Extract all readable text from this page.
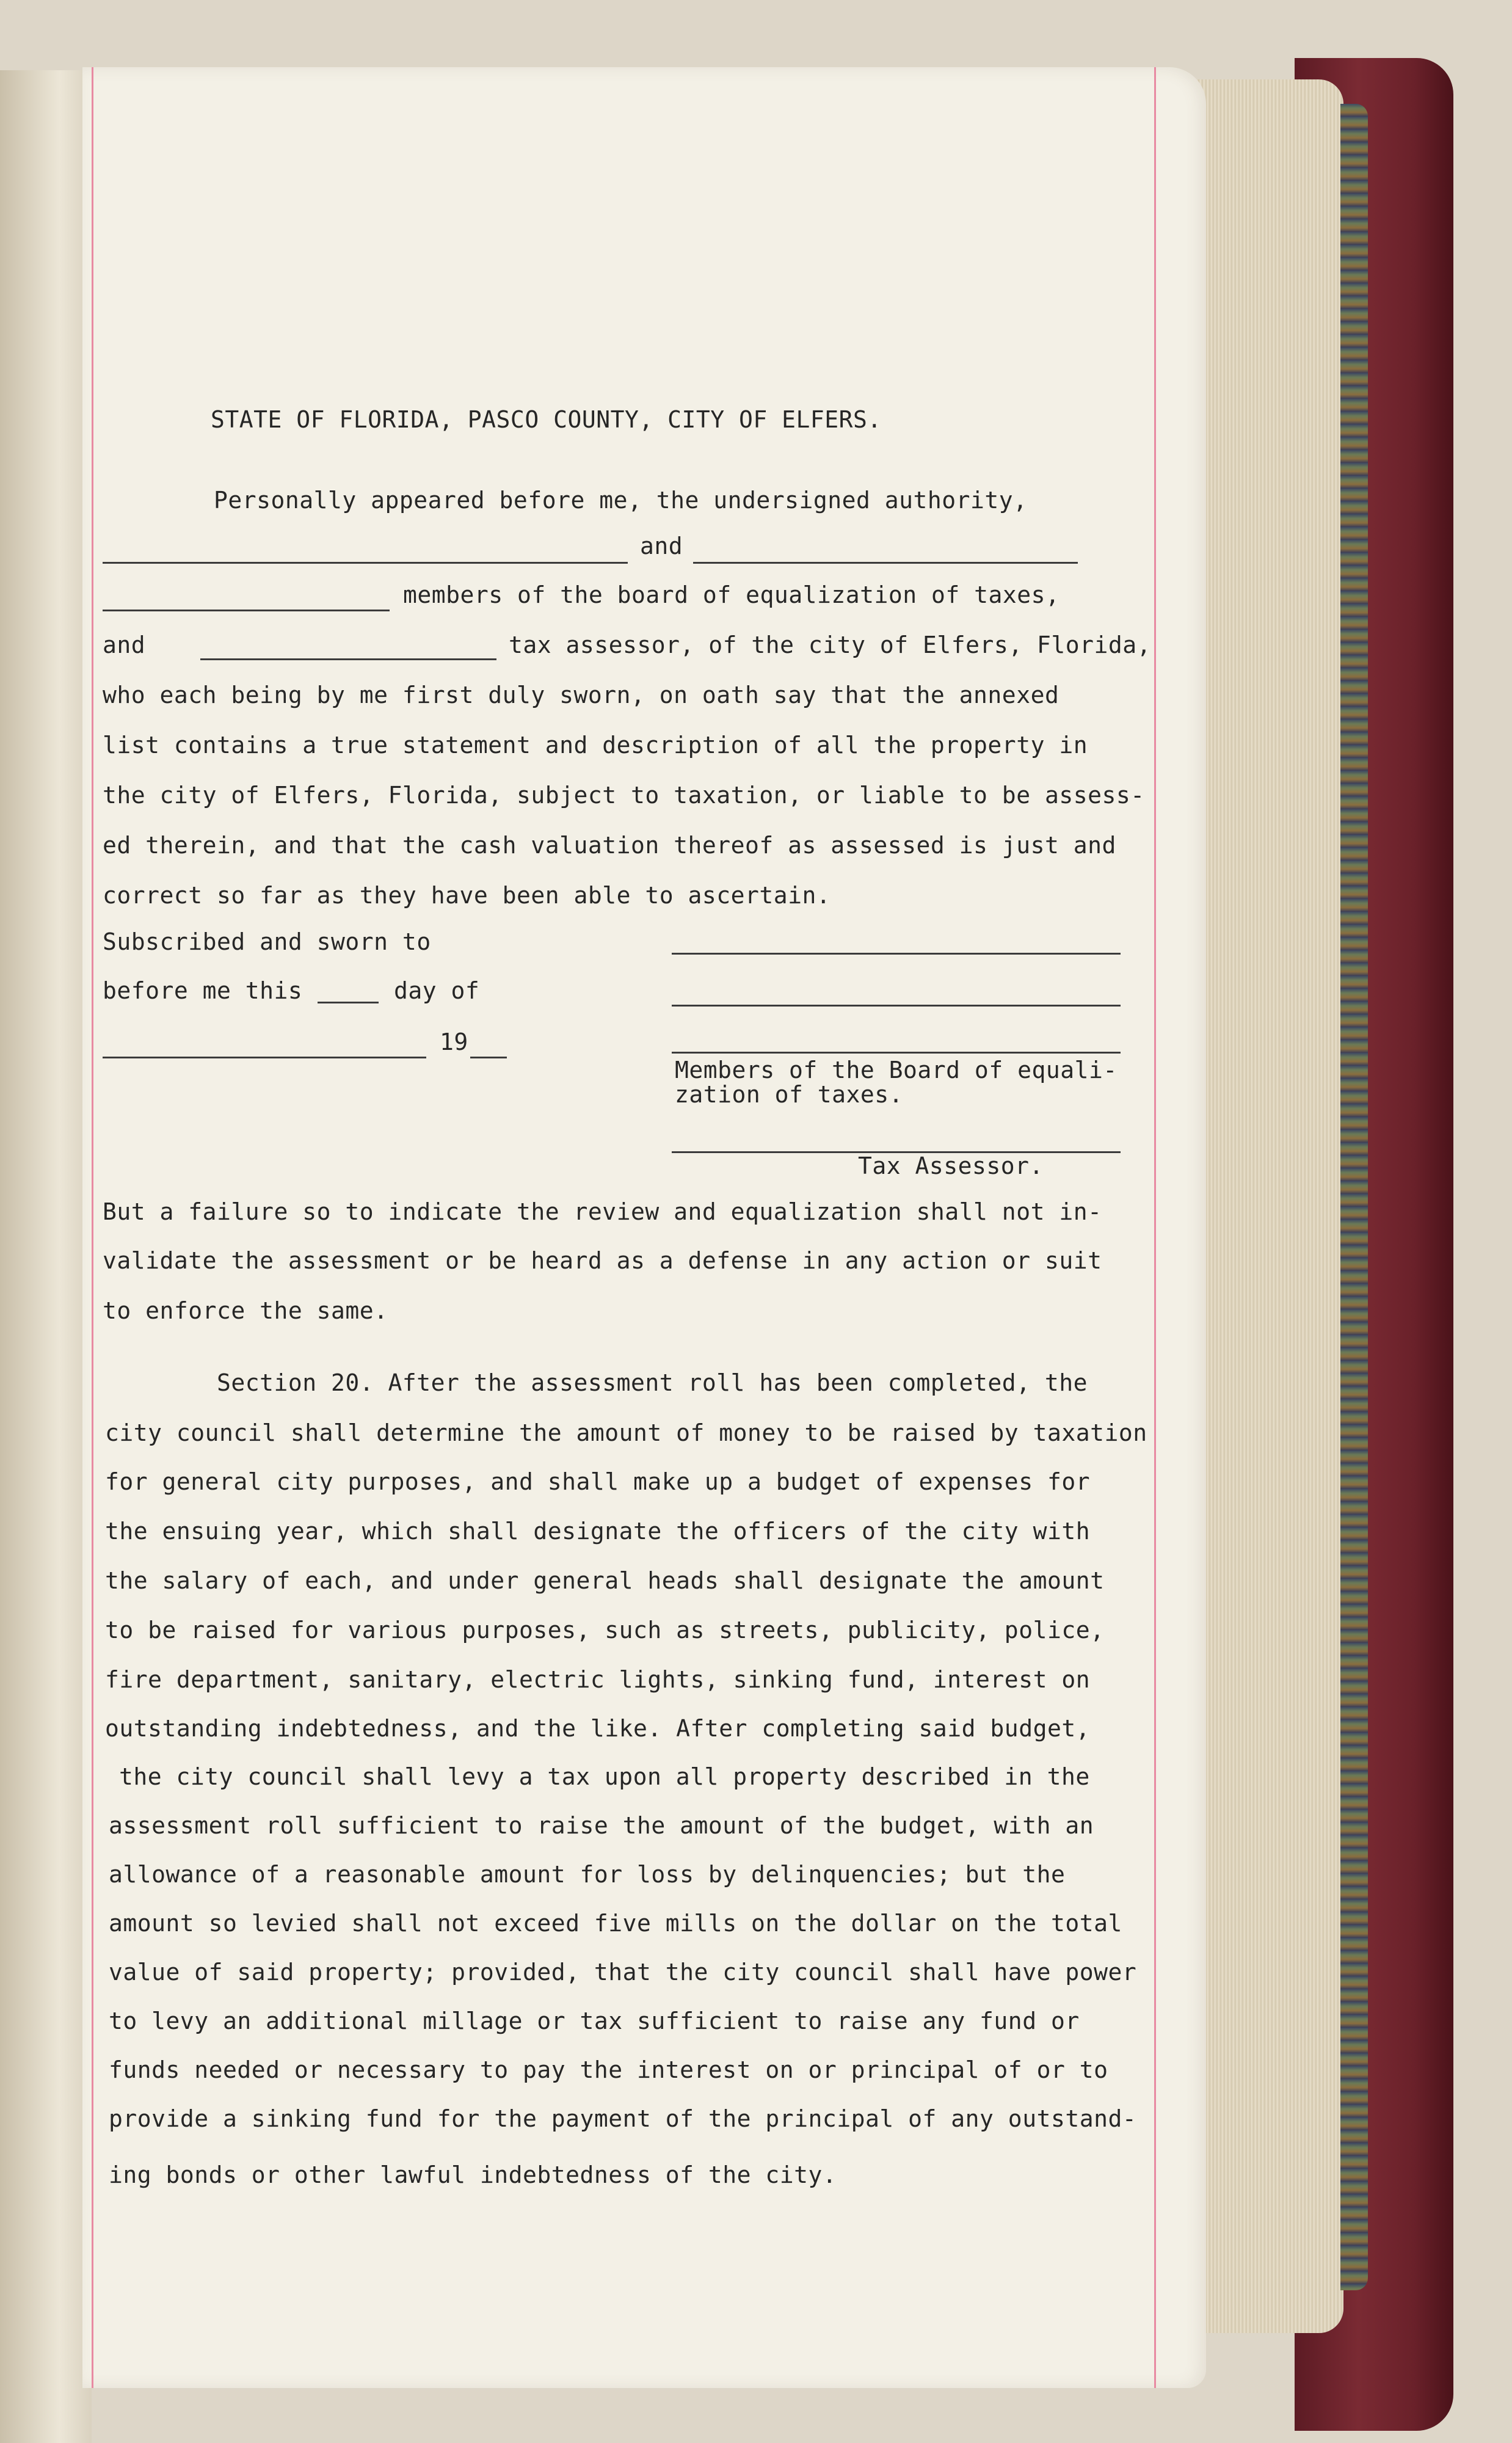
STATE OF FLORIDA, PASCO COUNTY, CITY OF ELFERS.
Personally appeared before me, the undersigned authority,
and
members of the board of equalization of taxes,
and	tax assessor, of the city of Elfers, Florida,
who each being by me first duly sworn, on oath say that the annexed
list contains a true statement and description of all the property in
the city of Elfers, Florida, subject to taxation, or liable to be assess-
ed therein, and that the cash valuation thereof as assessed is just and
correct so far as they have been able to ascertain.
Subscribed and sworn to
before me this	day of
19
Members of the Board of equali-
zation of taxes.
Tax Assessor.
But a failure so to indicate the review and equalization shall not in-
validate the assessment or be heard as a defense in any action or suit
to enforce the same.
Section 20. After the assessment roll has been completed, the
city council shall determine the amount of money to be raised by taxation
for general city purposes, and shall make up a budget of expenses for
the ensuing year, which shall designate the officers of the city with
the salary of each, and under general heads shall designate the amount
to be raised for various purposes, such as streets, publicity, police,
fire department, sanitary, electric lights, sinking fund, interest on
outstanding indebtedness, and the like. After completing said budget,
the city council shall levy a tax upon all property described in the
assessment roll sufficient to raise the amount of the budget, with an
allowance of a reasonable amount for loss by delinquencies; but the
amount so levied shall not exceed five mills on the dollar on the total
value of said property; provided, that the city council shall have power
to levy an additional millage or tax sufficient to raise any fund or
funds needed or necessary to pay the interest on or principal of or to
provide a sinking fund for the payment of the principal of any outstand-
ing bonds or other lawful indebtedness of the city.
